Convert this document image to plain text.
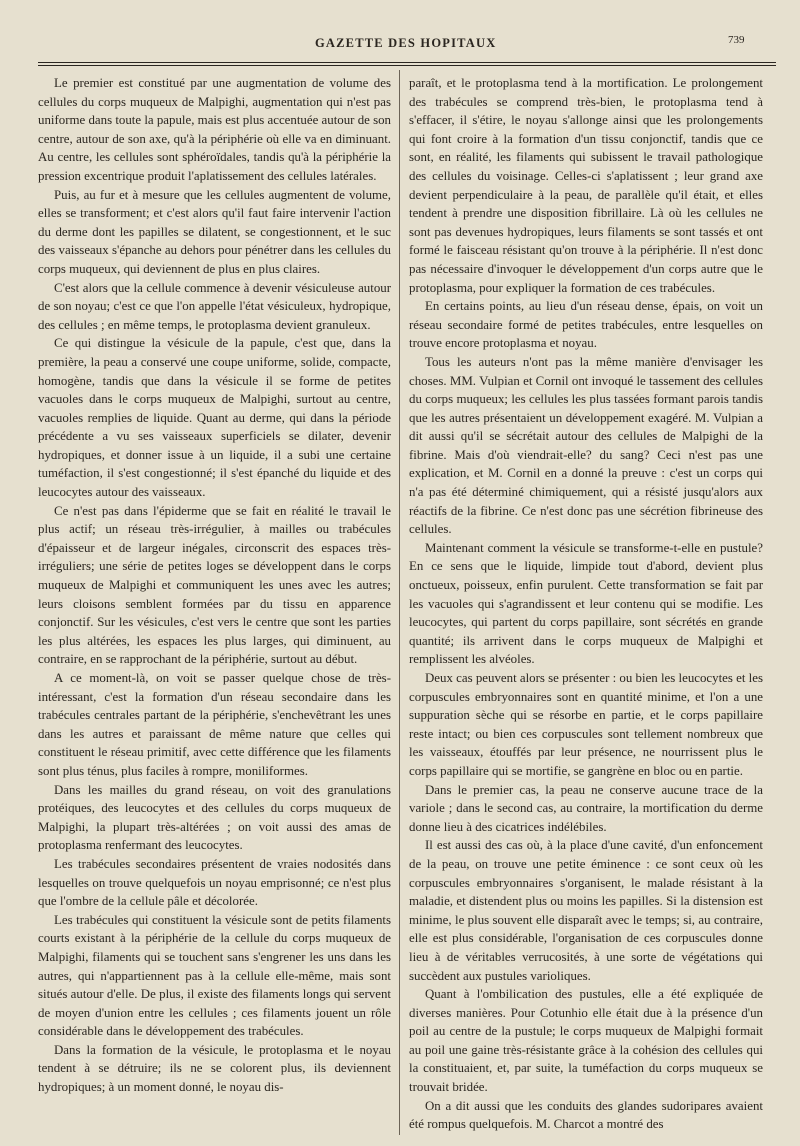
GAZETTE DES HOPITAUX	739

Le premier est constitué par une augmentation de volume des cellules du corps muqueux de Malpighi, augmentation qui n'est pas uniforme dans toute la papule, mais est plus accentuée autour de son centre, autour de son axe, qu'à la périphérie où elle va en diminuant. Au centre, les cellules sont sphéroïdales, tandis qu'à la périphérie la pression excentrique produit l'aplatissement des cellules latérales.

Puis, au fur et à mesure que les cellules augmentent de volume, elles se transforment; et c'est alors qu'il faut faire intervenir l'action du derme dont les papilles se dilatent, se congestionnent, et le suc des vaisseaux s'épanche au dehors pour pénétrer dans les cellules du corps muqueux, qui deviennent de plus en plus claires.

C'est alors que la cellule commence à devenir vésiculeuse autour de son noyau; c'est ce que l'on appelle l'état vésiculeux, hydropique, des cellules ; en même temps, le protoplasma devient granuleux.

Ce qui distingue la vésicule de la papule, c'est que, dans la première, la peau a conservé une coupe uniforme, solide, compacte, homogène, tandis que dans la vésicule il se forme de petites vacuoles dans le corps muqueux de Malpighi, surtout au centre, vacuoles remplies de liquide. Quant au derme, qui dans la période précédente a vu ses vaisseaux superficiels se dilater, devenir hydropiques, et donner issue à un liquide, il a subi une certaine tuméfaction, il s'est congestionné; il s'est épanché du liquide et des leucocytes autour des vaisseaux.

Ce n'est pas dans l'épiderme que se fait en réalité le travail le plus actif; un réseau très-irrégulier, à mailles ou trabécules d'épaisseur et de largeur inégales, circonscrit des espaces très-irréguliers; une série de petites loges se développent dans le corps muqueux de Malpighi et communiquent les unes avec les autres; leurs cloisons semblent formées par du tissu en apparence conjonctif. Sur les vésicules, c'est vers le centre que sont les parties les plus altérées, les espaces les plus larges, qui diminuent, au contraire, en se rapprochant de la périphérie, surtout au début.

A ce moment-là, on voit se passer quelque chose de très-intéressant, c'est la formation d'un réseau secondaire dans les trabécules centrales partant de la périphérie, s'enchevêtrant les unes dans les autres et paraissant de même nature que celles qui constituent le réseau primitif, avec cette différence que les filaments sont plus ténus, plus faciles à rompre, moniliformes.

Dans les mailles du grand réseau, on voit des granulations protéiques, des leucocytes et des cellules du corps muqueux de Malpighi, la plupart très-altérées ; on voit aussi des amas de protoplasma renfermant des leucocytes.

Les trabécules secondaires présentent de vraies nodosités dans lesquelles on trouve quelquefois un noyau emprisonné; ce n'est plus que l'ombre de la cellule pâle et décolorée.

Les trabécules qui constituent la vésicule sont de petits filaments courts existant à la périphérie de la cellule du corps muqueux de Malpighi, filaments qui se touchent sans s'engrener les uns dans les autres, qui n'appartiennent pas à la cellule elle-même, mais sont situés autour d'elle. De plus, il existe des filaments longs qui servent de moyen d'union entre les cellules ; ces filaments jouent un rôle considérable dans le développement des trabécules.

Dans la formation de la vésicule, le protoplasma et le noyau tendent à se détruire; ils ne se colorent plus, ils deviennent hydropiques; à un moment donné, le noyau dis-

paraît, et le protoplasma tend à la mortification. Le prolongement des trabécules se comprend très-bien, le protoplasma tend à s'effacer, il s'étire, le noyau s'allonge ainsi que les prolongements qui font croire à la formation d'un tissu conjonctif, tandis que ce sont, en réalité, les filaments qui subissent le travail pathologique des cellules du voisinage. Celles-ci s'aplatissent ; leur grand axe devient perpendiculaire à la peau, de parallèle qu'il était, et elles tendent à prendre une disposition fibrillaire. Là où les cellules ne sont pas devenues hydropiques, leurs filaments se sont tassés et ont formé le faisceau résistant qu'on trouve à la périphérie. Il n'est donc pas nécessaire d'invoquer le développement d'un corps autre que le protoplasma, pour expliquer la formation de ces trabécules.

En certains points, au lieu d'un réseau dense, épais, on voit un réseau secondaire formé de petites trabécules, entre lesquelles on trouve encore protoplasma et noyau.

Tous les auteurs n'ont pas la même manière d'envisager les choses. MM. Vulpian et Cornil ont invoqué le tassement des cellules du corps muqueux; les cellules les plus tassées formant parois tandis que les autres présentaient un développement exagéré. M. Vulpian a dit aussi qu'il se sécrétait autour des cellules de Malpighi de la fibrine. Mais d'où viendrait-elle? du sang? Ceci n'est pas une explication, et M. Cornil en a donné la preuve : c'est un corps qui n'a pas été déterminé chimiquement, qui a résisté jusqu'alors aux réactifs de la fibrine. Ce n'est donc pas une sécrétion fibrineuse des cellules.

Maintenant comment la vésicule se transforme-t-elle en pustule? En ce sens que le liquide, limpide tout d'abord, devient plus onctueux, poisseux, enfin purulent. Cette transformation se fait par les vacuoles qui s'agrandissent et leur contenu qui se modifie. Les leucocytes, qui partent du corps papillaire, sont sécrétés en grande quantité; ils arrivent dans le corps muqueux de Malpighi et remplissent les alvéoles.

Deux cas peuvent alors se présenter : ou bien les leucocytes et les corpuscules embryonnaires sont en quantité minime, et l'on a une suppuration sèche qui se résorbe en partie, et le corps papillaire reste intact; ou bien ces corpuscules sont tellement nombreux que les vaisseaux, étouffés par leur présence, ne nourrissent plus le corps papillaire qui se mortifie, se gangrène en bloc ou en partie.

Dans le premier cas, la peau ne conserve aucune trace de la variole ; dans le second cas, au contraire, la mortification du derme donne lieu à des cicatrices indélébiles.

Il est aussi des cas où, à la place d'une cavité, d'un enfoncement de la peau, on trouve une petite éminence : ce sont ceux où les corpuscules embryonnaires s'organisent, le malade résistant à la maladie, et distendent plus ou moins les papilles. Si la distension est minime, le plus souvent elle disparaît avec le temps; si, au contraire, elle est plus considérable, l'organisation de ces corpuscules donne lieu à de véritables verrucosités, à une sorte de végétations qui succèdent aux pustules varioliques.

Quant à l'ombilication des pustules, elle a été expliquée de diverses manières. Pour Cotunhio elle était due à la présence d'un poil au centre de la pustule; le corps muqueux de Malpighi formait au poil une gaine très-résistante grâce à la cohésion des cellules qui la constituaient, et, par suite, la tuméfaction du corps muqueux se trouvait bridée.

On a dit aussi que les conduits des glandes sudoripares avaient été rompus quelquefois. M. Charcot a montré des
